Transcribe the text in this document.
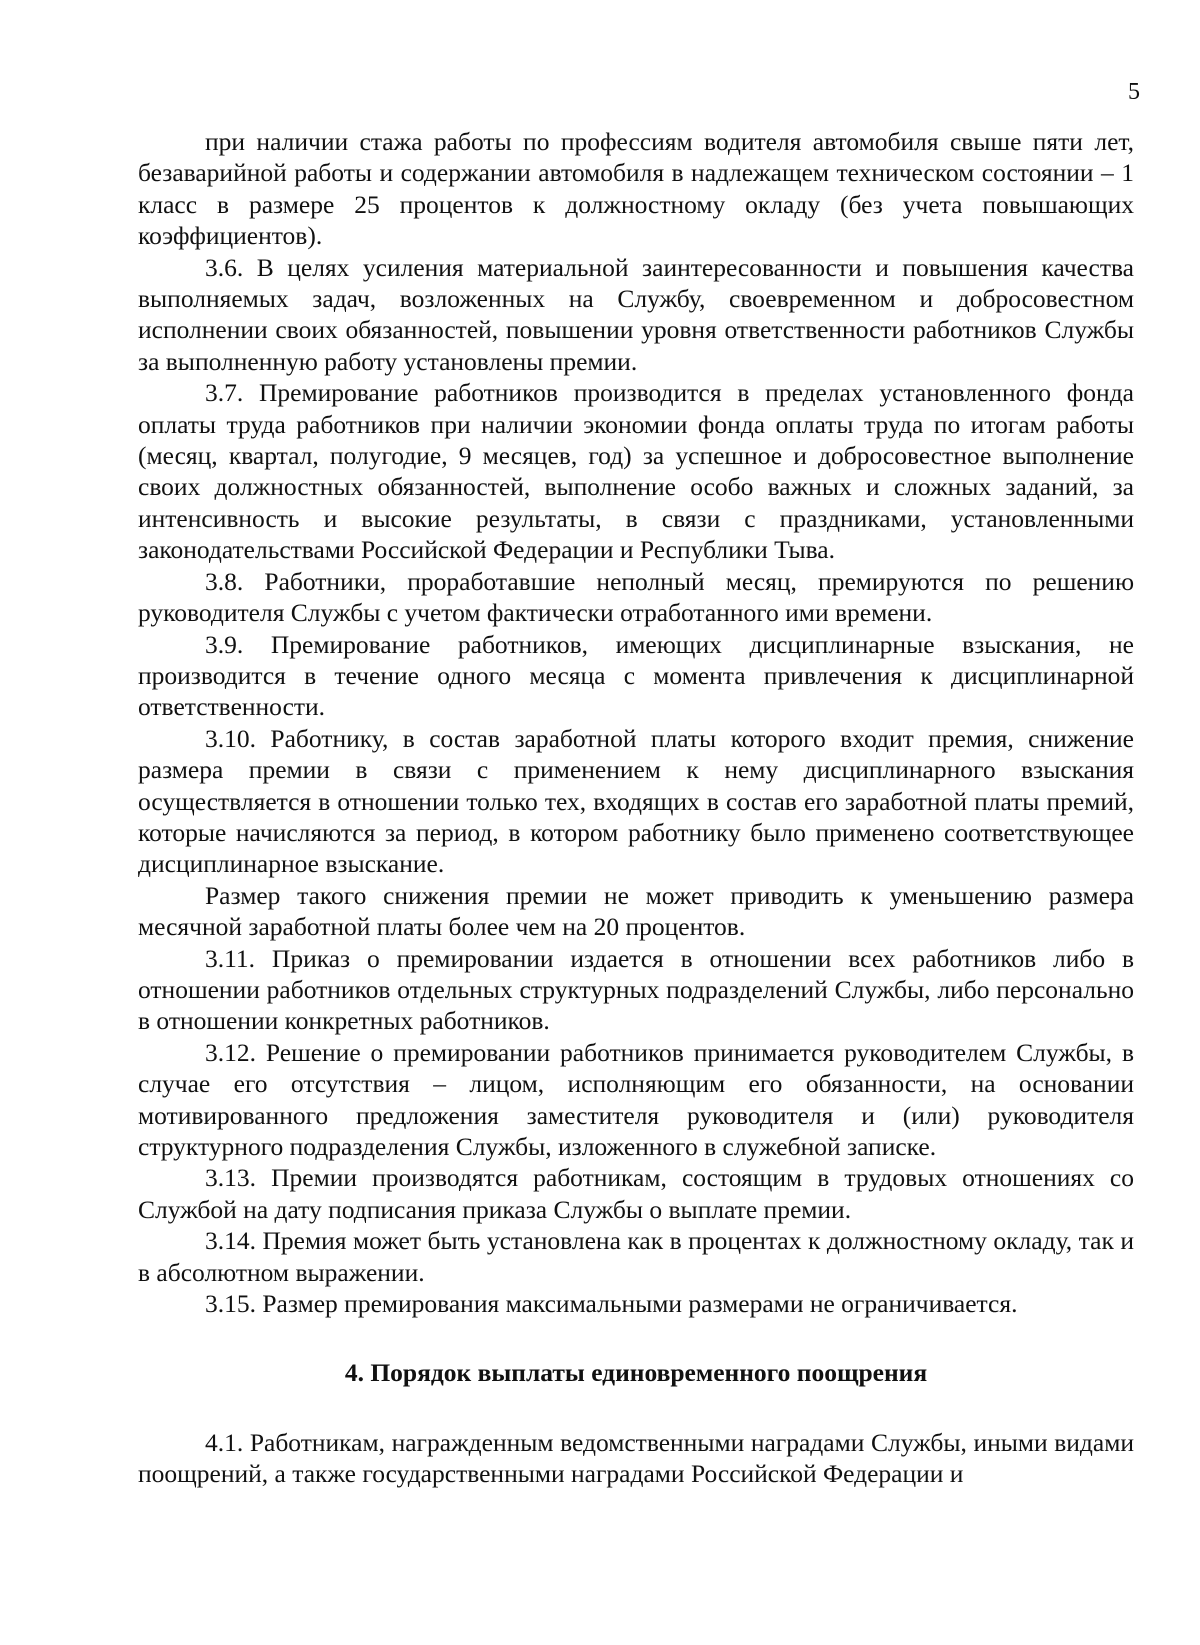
5

при наличии стажа работы по профессиям водителя автомобиля свыше пяти лет, безаварийной работы и содержании автомобиля в надлежащем техническом состоянии – 1 класс в размере 25 процентов к должностному окладу (без учета повышающих коэффициентов).

3.6. В целях усиления материальной заинтересованности и повышения качества выполняемых задач, возложенных на Службу, своевременном и добросовестном исполнении своих обязанностей, повышении уровня ответственности работников Службы за выполненную работу установлены премии.

3.7. Премирование работников производится в пределах установленного фонда оплаты труда работников при наличии экономии фонда оплаты труда по итогам работы (месяц, квартал, полугодие, 9 месяцев, год) за успешное и добросовестное выполнение своих должностных обязанностей, выполнение особо важных и сложных заданий, за интенсивность и высокие результаты, в связи с праздниками, установленными законодательствами Российской Федерации и Республики Тыва.

3.8. Работники, проработавшие неполный месяц, премируются по решению руководителя Службы с учетом фактически отработанного ими времени.

3.9. Премирование работников, имеющих дисциплинарные взыскания, не производится в течение одного месяца с момента привлечения к дисциплинарной ответственности.

3.10. Работнику, в состав заработной платы которого входит премия, снижение размера премии в связи с применением к нему дисциплинарного взыскания осуществляется в отношении только тех, входящих в состав его заработной платы премий, которые начисляются за период, в котором работнику было применено соответствующее дисциплинарное взыскание.

Размер такого снижения премии не может приводить к уменьшению размера месячной заработной платы более чем на 20 процентов.

3.11. Приказ о премировании издается в отношении всех работников либо в отношении работников отдельных структурных подразделений Службы, либо персонально в отношении конкретных работников.

3.12. Решение о премировании работников принимается руководителем Службы, в случае его отсутствия – лицом, исполняющим его обязанности, на основании мотивированного предложения заместителя руководителя и (или) руководителя структурного подразделения Службы, изложенного в служебной записке.

3.13. Премии производятся работникам, состоящим в трудовых отношениях со Службой на дату подписания приказа Службы о выплате премии.

3.14. Премия может быть установлена как в процентах к должностному окладу, так и в абсолютном выражении.

3.15. Размер премирования максимальными размерами не ограничивается.

4. Порядок выплаты единовременного поощрения

4.1. Работникам, награжденным ведомственными наградами Службы, иными видами поощрений, а также государственными наградами Российской Федерации и
